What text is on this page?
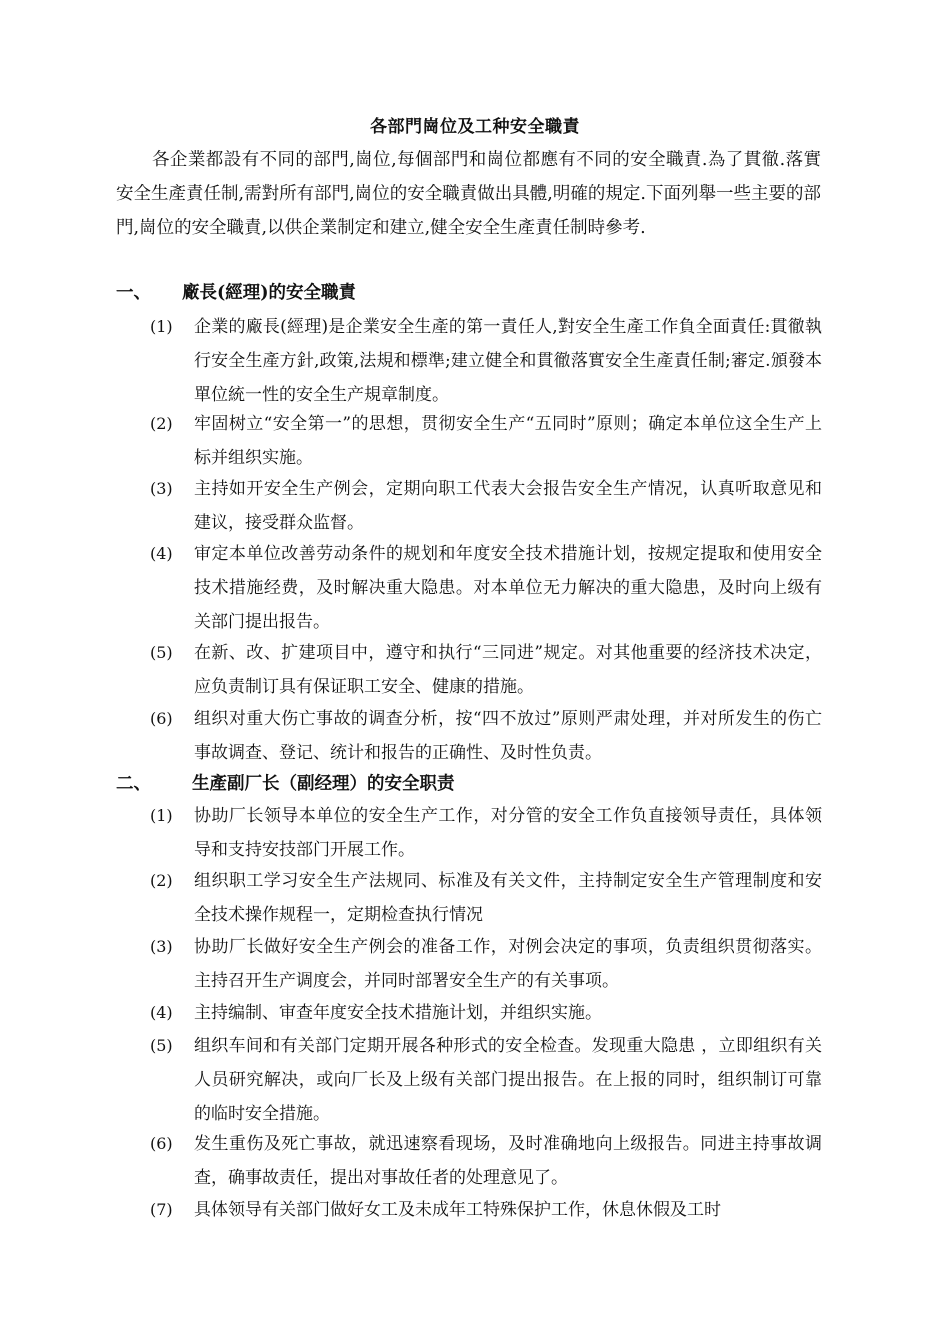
各部門崗位及工种安全職責

各企業都設有不同的部門,崗位,每個部門和崗位都應有不同的安全職責.為了貫徹.落實安全生產責任制,需對所有部門,崗位的安全職責做出具體,明確的規定.下面列舉一些主要的部門,崗位的安全職責,以供企業制定和建立,健全安全生產責任制時參考.

一、 廠長(經理)的安全職責
(1)	企業的廠長(經理)是企業安全生產的第一責任人,對安全生產工作負全面責任:貫徹執行安全生產方針,政策,法規和標準;建立健全和貫徹落實安全生產責任制;審定.頒發本單位統一性的安全生产規章制度。
(2)	牢固树立“安全第一”的思想，贯彻安全生产“五同时”原则；确定本单位这全生产上标并组织实施。
(3)	主持如开安全生产例会，定期向职工代表大会报告安全生产情况，认真听取意见和建议，接受群众监督。
(4)	审定本单位改善劳动条件的规划和年度安全技术措施计划，按规定提取和使用安全技术措施经费，及时解决重大隐患。对本单位无力解决的重大隐患，及时向上级有关部门提出报告。
(5)	在新、改、扩建项目中，遵守和执行“三同进”规定。对其他重要的经济技术决定，应负责制订具有保证职工安全、健康的措施。
(6)	组织对重大伤亡事故的调查分析，按“四不放过”原则严肃处理，并对所发生的伤亡事故调查、登记、统计和报告的正确性、及时性负责。
二、 生產副厂长（副经理）的安全职责
(1)	协助厂长领导本单位的安全生产工作，对分管的安全工作负直接领导责任，具体领导和支持安技部门开展工作。
(2)	组织职工学习安全生产法规同、标准及有关文件，主持制定安全生产管理制度和安全技术操作规程一，定期检查执行情况
(3)	协助厂长做好安全生产例会的准备工作，对例会决定的事项，负责组织贯彻落实。主持召开生产调度会，并同时部署安全生产的有关事项。
(4)	主持编制、审查年度安全技术措施计划，并组织实施。
(5)	组织车间和有关部门定期开展各种形式的安全检查。发现重大隐患 ，立即组织有关人员研究解决，或向厂长及上级有关部门提出报告。在上报的同时，组织制订可靠的临时安全措施。
(6)	发生重伤及死亡事故，就迅速察看现场，及时准确地向上级报告。同进主持事故调查，确事故责任，提出对事故任者的处理意见了。
(7)	具体领导有关部门做好女工及未成年工特殊保护工作，休息休假及工时
